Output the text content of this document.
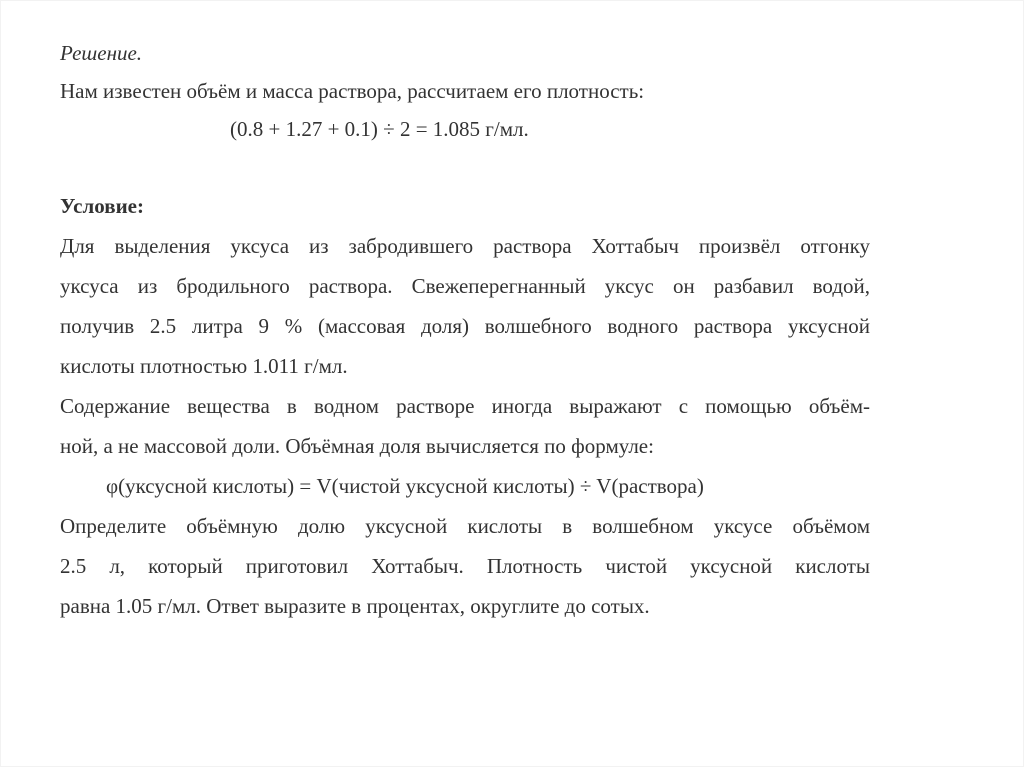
Решение.
Нам известен объём и масса раствора, рассчитаем его плотность:
(0.8 + 1.27 + 0.1) ÷ 2 = 1.085 г/мл.
Условие:
Для выделения уксуса из забродившего раствора Хоттабыч произвёл отгонку
уксуса из бродильного раствора. Свежеперегнанный уксус он разбавил водой,
получив 2.5 литра 9 % (массовая доля) волшебного водного раствора уксусной
кислоты плотностью 1.011 г/мл.
Содержание вещества в водном растворе иногда выражают с помощью объём-
ной, а не массовой доли. Объёмная доля вычисляется по формуле:
φ(уксусной кислоты) = V(чистой уксусной кислоты) ÷ V(раствора)
Определите объёмную долю уксусной кислоты в волшебном уксусе объёмом
2.5 л, который приготовил Хоттабыч. Плотность чистой уксусной кислоты
равна 1.05 г/мл. Ответ выразите в процентах, округлите до сотых.
